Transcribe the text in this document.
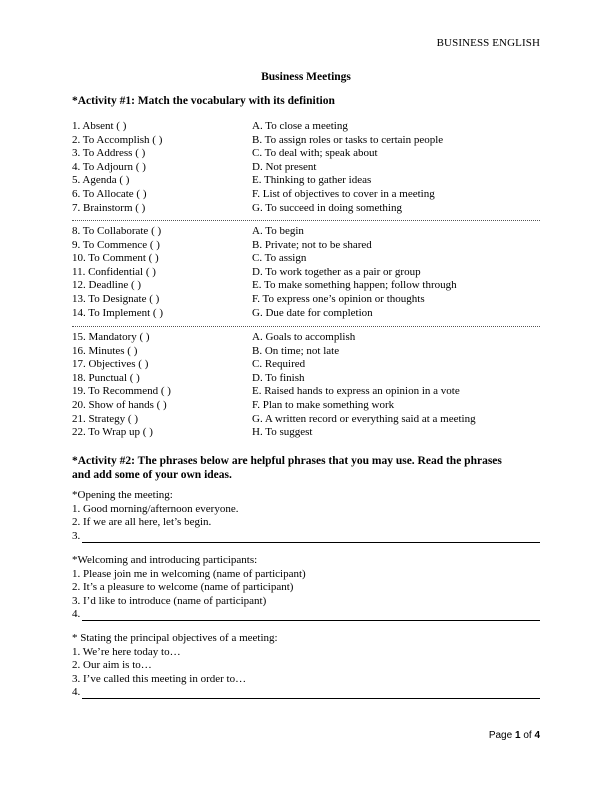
BUSINESS ENGLISH
Business Meetings
*Activity #1: Match the vocabulary with its definition
1. Absent ( )	A. To close a meeting
2. To Accomplish ( )	B. To assign roles or tasks to certain people
3. To Address ( )	C. To deal with; speak about
4. To Adjourn ( )	D. Not present
5. Agenda ( )	E. Thinking to gather ideas
6. To Allocate ( )	F. List of objectives to cover in a meeting
7. Brainstorm ( )	G. To succeed in doing something
8. To Collaborate ( )	A. To begin
9. To Commence ( )	B. Private; not to be shared
10. To Comment ( )	C. To assign
11. Confidential ( )	D. To work together as a pair or group
12. Deadline ( )	E. To make something happen; follow through
13. To Designate ( )	F. To express one’s opinion or thoughts
14. To Implement ( )	G. Due date for completion
15. Mandatory ( )	A. Goals to accomplish
16. Minutes ( )	B. On time; not late
17. Objectives ( )	C. Required
18. Punctual ( )	D. To finish
19. To Recommend ( )	E. Raised hands to express an opinion in a vote
20. Show of hands ( )	F. Plan to make something work
21. Strategy ( )	G. A written record or everything said at a meeting
22. To Wrap up ( )	H. To suggest
*Activity #2: The phrases below are helpful phrases that you may use. Read the phrases
and add some of your own ideas.
*Opening the meeting:
1. Good morning/afternoon everyone.
2. If we are all here, let’s begin.
3.
*Welcoming and introducing participants:
1. Please join me in welcoming (name of participant)
2. It’s a pleasure to welcome (name of participant)
3. I’d like to introduce (name of participant)
4.
* Stating the principal objectives of a meeting:
1. We’re here today to…
2. Our aim is to…
3. I’ve called this meeting in order to…
4.
Page 1 of 4
